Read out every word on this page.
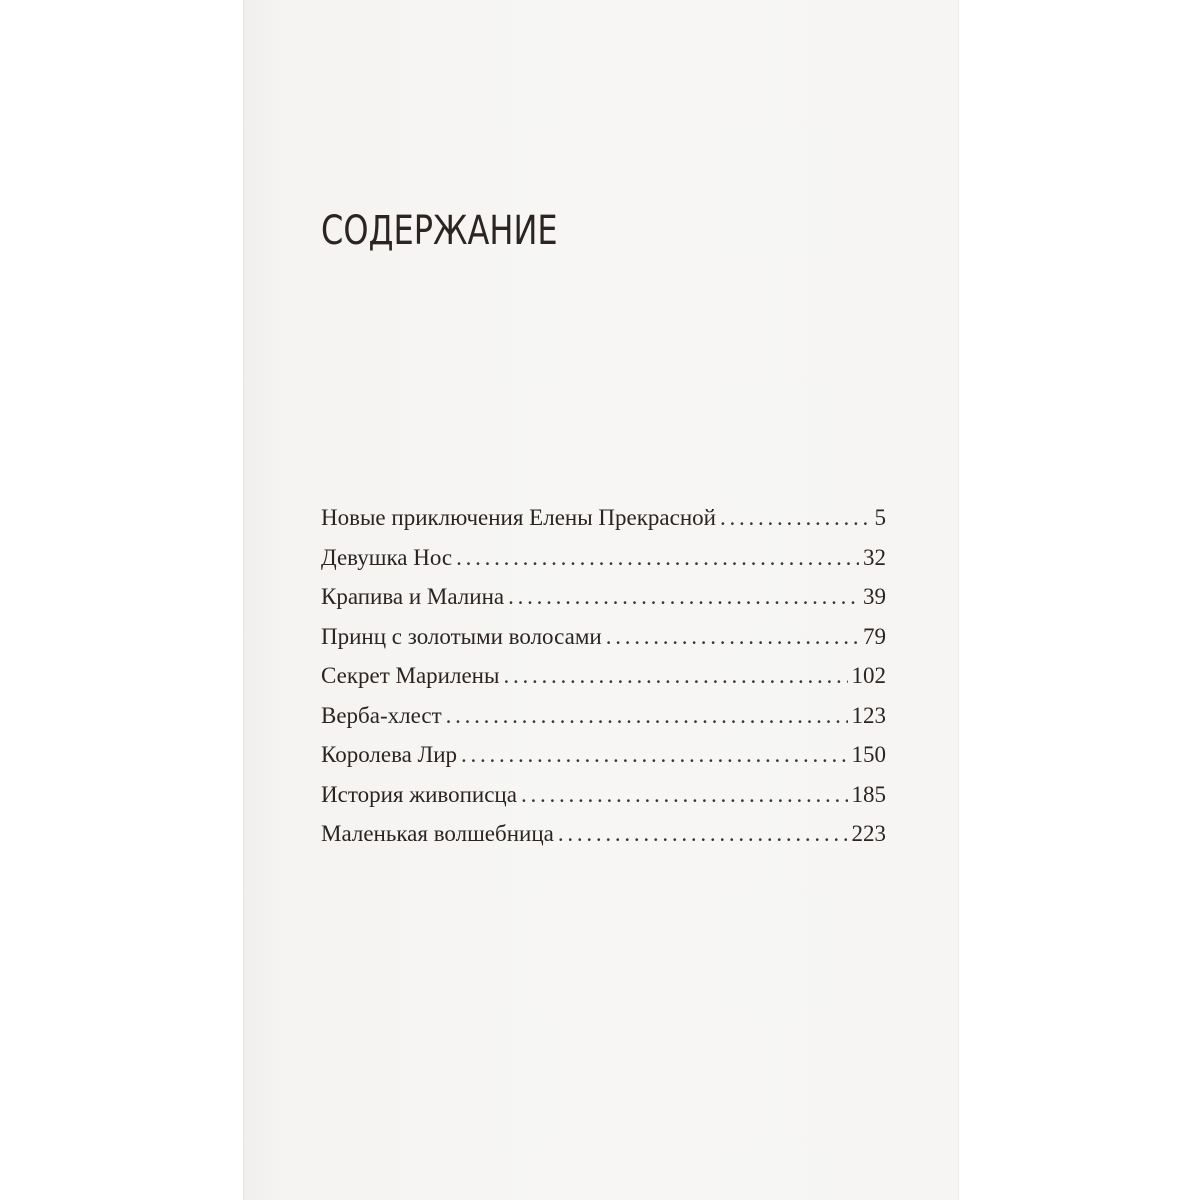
СОДЕРЖАНИЕ
Новые приключения Елены Прекрасной . . .	5
Девушка Нос . . .	32
Крапива и Малина . . .	39
Принц с золотыми волосами . . .	79
Секрет Марилены . . .	102
Верба-хлест . . .	123
Королева Лир . . .	150
История живописца . . .	185
Маленькая волшебница . . .	223
